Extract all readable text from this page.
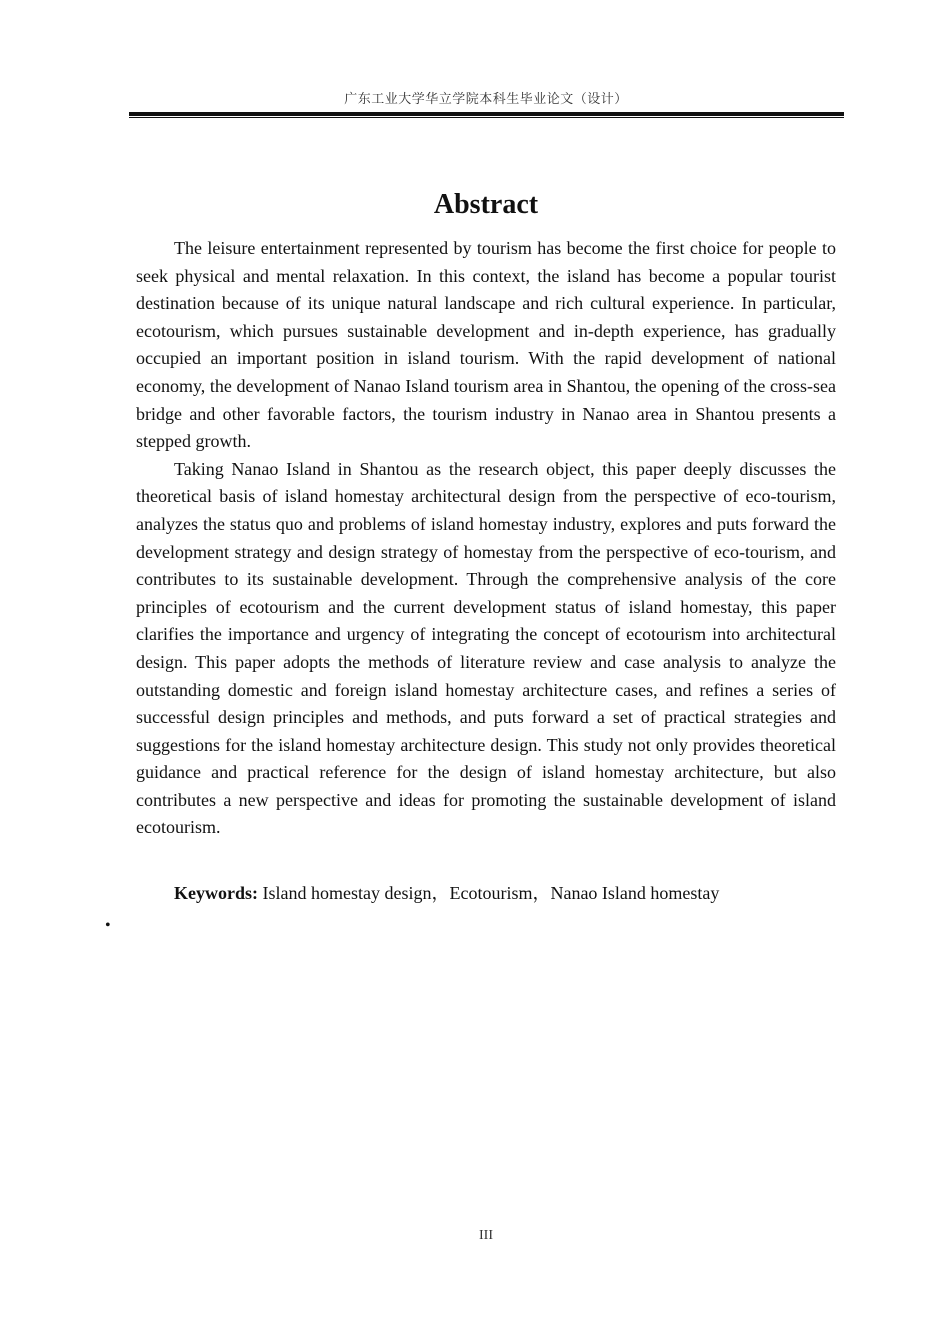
广东工业大学华立学院本科生毕业论文（设计）
Abstract

The leisure entertainment represented by tourism has become the first choice for people to seek physical and mental relaxation. In this context, the island has become a popular tourist destination because of its unique natural landscape and rich cultural experience. In particular, ecotourism, which pursues sustainable development and in-depth experience, has gradually occupied an important position in island tourism. With the rapid development of national economy, the development of Nanao Island tourism area in Shantou, the opening of the cross-sea bridge and other favorable factors, the tourism industry in Nanao area in Shantou presents a stepped growth.

Taking Nanao Island in Shantou as the research object, this paper deeply discusses the theoretical basis of island homestay architectural design from the perspective of eco-tourism, analyzes the status quo and problems of island homestay industry, explores and puts forward the development strategy and design strategy of homestay from the perspective of eco-tourism, and contributes to its sustainable development. Through the comprehensive analysis of the core principles of ecotourism and the current development status of island homestay, this paper clarifies the importance and urgency of integrating the concept of ecotourism into architectural design. This paper adopts the methods of literature review and case analysis to analyze the outstanding domestic and foreign island homestay architecture cases, and refines a series of successful design principles and methods, and puts forward a set of practical strategies and suggestions for the island homestay architecture design. This study not only provides theoretical guidance and practical reference for the design of island homestay architecture, but also contributes a new perspective and ideas for promoting the sustainable development of island ecotourism.

Keywords: Island homestay design，Ecotourism，Nanao Island homestay
•
III
